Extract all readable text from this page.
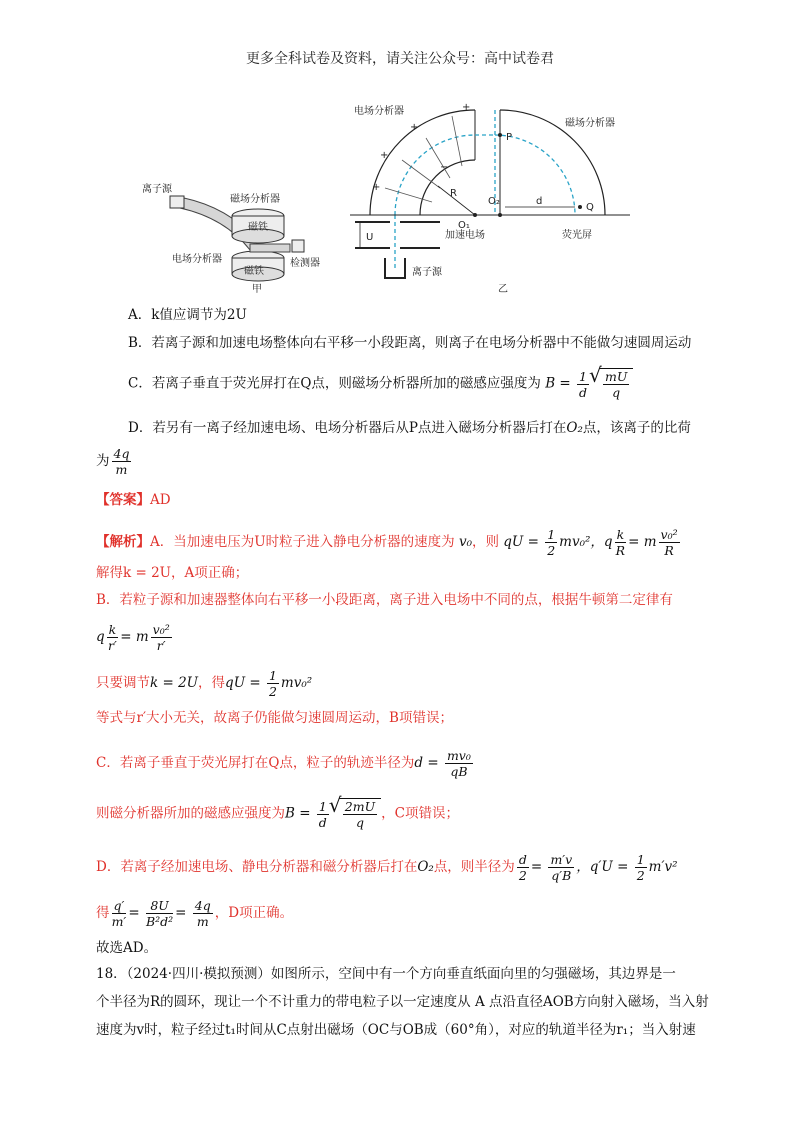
更多全科试卷及资料，请关注公众号：高中试卷君
离子源
磁场分析器
磁铁
电场分析器	检测器
磁铁
甲
R
电场分析器
+
+
+
+
−
P
O₁
O₂	d
Q
磁场分析器
U	加速电场	荧光屏
离子源
乙
A．k值应调节为2U
B．若离子源和加速电场整体向右平移一小段距离，则离子在电场分析器中不能做匀速圆周运动
C．若离子垂直于荧光屏打在Q点，则磁场分析器所加的磁感应强度为 $B = \frac{1}{d}$ √ $\frac{mU}{q}$
D．若另有一离子经加速电场、电场分析器后从P点进入磁场分析器后打在O₂点，该离子的比荷
为 $\frac{4q}{m}$
【答案】AD
【解析】A．当加速电压为U时粒子进入静电分析器的速度为 v₀，则 qU = $\frac{1}{2} mv_0^2$，q $\frac{k}{R} = m \frac{\text{v₀²}}{R}$
解得k = 2U，A项正确；
B．若粒子源和加速器整体向右平移一小段距离，离子进入电场中不同的点，根据牛顿第二定律有
q $\frac{k}{r'} = m \frac{\text{v₀²}}{r'}$
只要调节k = 2U，得qU = $\frac{1}{2} mv_0^2$
等式与r′大小无关，故离子仍能做匀速圆周运动，B项错误；
C．若离子垂直于荧光屏打在Q点，粒子的轨迹半径为$d = \frac{\text{mv₀}}{qB}$
则磁分析器所加的磁感应强度为$B = \frac{1}{d}$ √ $\frac{2mU}{q}$ ，C项错误；
D．若离子经加速电场、静电分析器和磁分析器后打在O₂点，则半径为 $\frac{d}{2} = \frac{m'v}{q'B}$ ，$q'U = \frac{1}{2} m'v^2$
得 $\frac{q'}{m'} = \frac{8U}{\text{B²d²}} = \frac{4q}{m}$ ，D项正确。
故选AD。
18．（2024·四川·模拟预测）如图所示，空间中有一个方向垂直纸面向里的匀强磁场，其边界是一
个半径为R的圆环，现让一个不计重力的带电粒子以一定速度从 A 点沿直径AOB方向射入磁场，当入射
速度为v时，粒子经过t₁时间从C点射出磁场（OC与OB成（60°角），对应的轨道半径为r₁；当入射速
